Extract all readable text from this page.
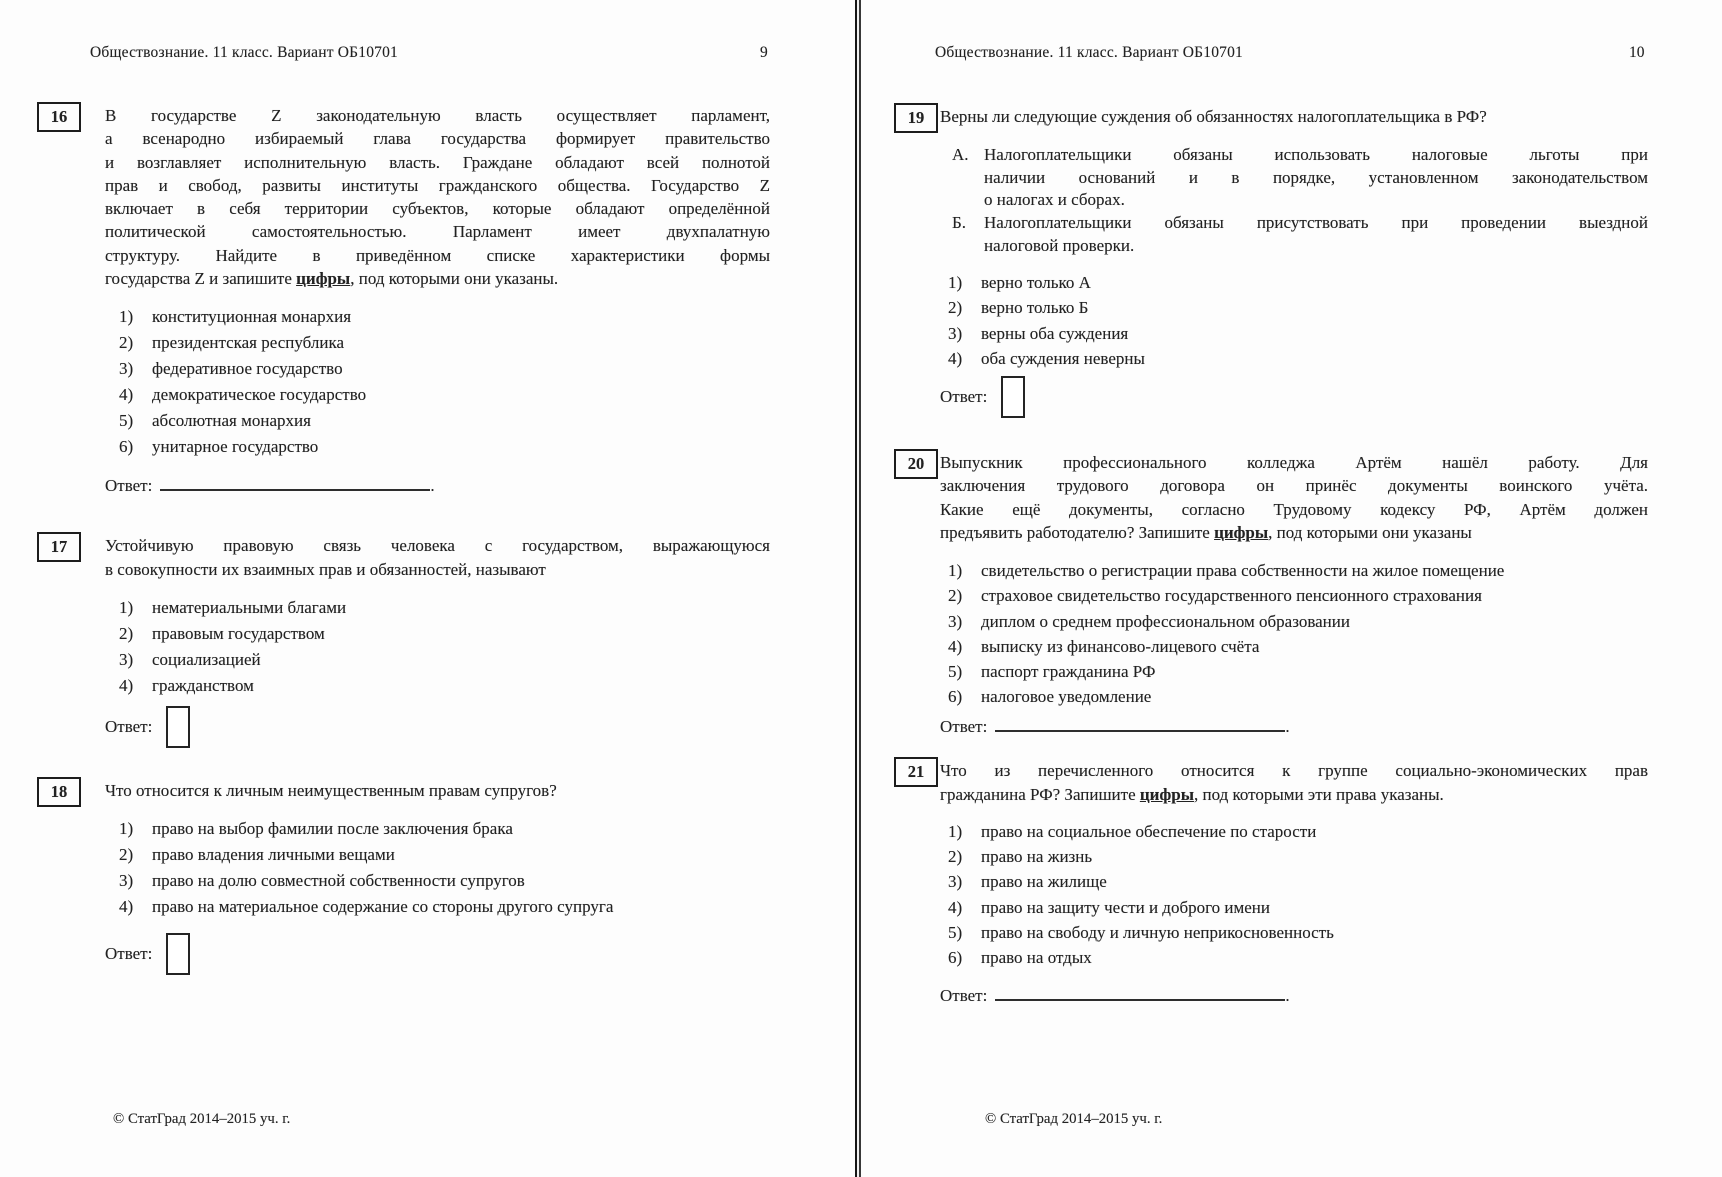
Обществознание. 11 класс. Вариант ОБ10701	9
16	В государстве Z законодательную власть осуществляет парламент,
а всенародно избираемый глава государства формирует правительство
и возглавляет исполнительную власть. Граждане обладают всей полнотой
прав и свобод, развиты институты гражданского общества. Государство Z
включает в себя территории субъектов, которые обладают определённой
политической самостоятельностью. Парламент имеет двухпалатную
структуру. Найдите в приведённом списке характеристики формы
государства Z и запишите цифры, под которыми они указаны.
1)	конституционная монархия
2)	президентская республика
3)	федеративное государство
4)	демократическое государство
5)	абсолютная монархия
6)	унитарное государство
Ответ:	.
17	Устойчивую правовую связь человека с государством, выражающуюся
в совокупности их взаимных прав и обязанностей, называют
1)	нематериальными благами
2)	правовым государством
3)	социализацией
4)	гражданством
Ответ:
18	Что относится к личным неимущественным правам супругов?
1)	право на выбор фамилии после заключения брака
2)	право владения личными вещами
3)	право на долю совместной собственности супругов
4)	право на материальное содержание со стороны другого супруга
Ответ:
© СтатГрад 2014–2015 уч. г.
Обществознание. 11 класс. Вариант ОБ10701	10
19 Верны ли следующие суждения об обязанностях налогоплательщика в РФ?
А. Налогоплательщики обязаны использовать налоговые льготы при
наличии оснований и в порядке, установленном законодательством
о налогах и сборах.
Б.	Налогоплательщики обязаны присутствовать при проведении выездной
налоговой проверки.
1)	верно только А
2)	верно только Б
3)	верны оба суждения
4)	оба суждения неверны
Ответ:
20 Выпускник профессионального колледжа Артём нашёл работу. Для
заключения трудового договора он принёс документы воинского учёта.
Какие ещё документы, согласно Трудовому кодексу РФ, Артём должен
предъявить работодателю? Запишите цифры, под которыми они указаны
1)	свидетельство о регистрации права собственности на жилое помещение
2)	страховое свидетельство государственного пенсионного страхования
3)	диплом о среднем профессиональном образовании
4)	выписку из финансово-лицевого счёта
5)	паспорт гражданина РФ
6)	налоговое уведомление
Ответ:	.
21 Что из перечисленного относится к группе социально-экономических прав
гражданина РФ? Запишите цифры, под которыми эти права указаны.
1)	право на социальное обеспечение по старости
2)	право на жизнь
3)	право на жилище
4)	право на защиту чести и доброго имени
5)	право на свободу и личную неприкосновенность
6)	право на отдых
Ответ:	.
© СтатГрад 2014–2015 уч. г.
